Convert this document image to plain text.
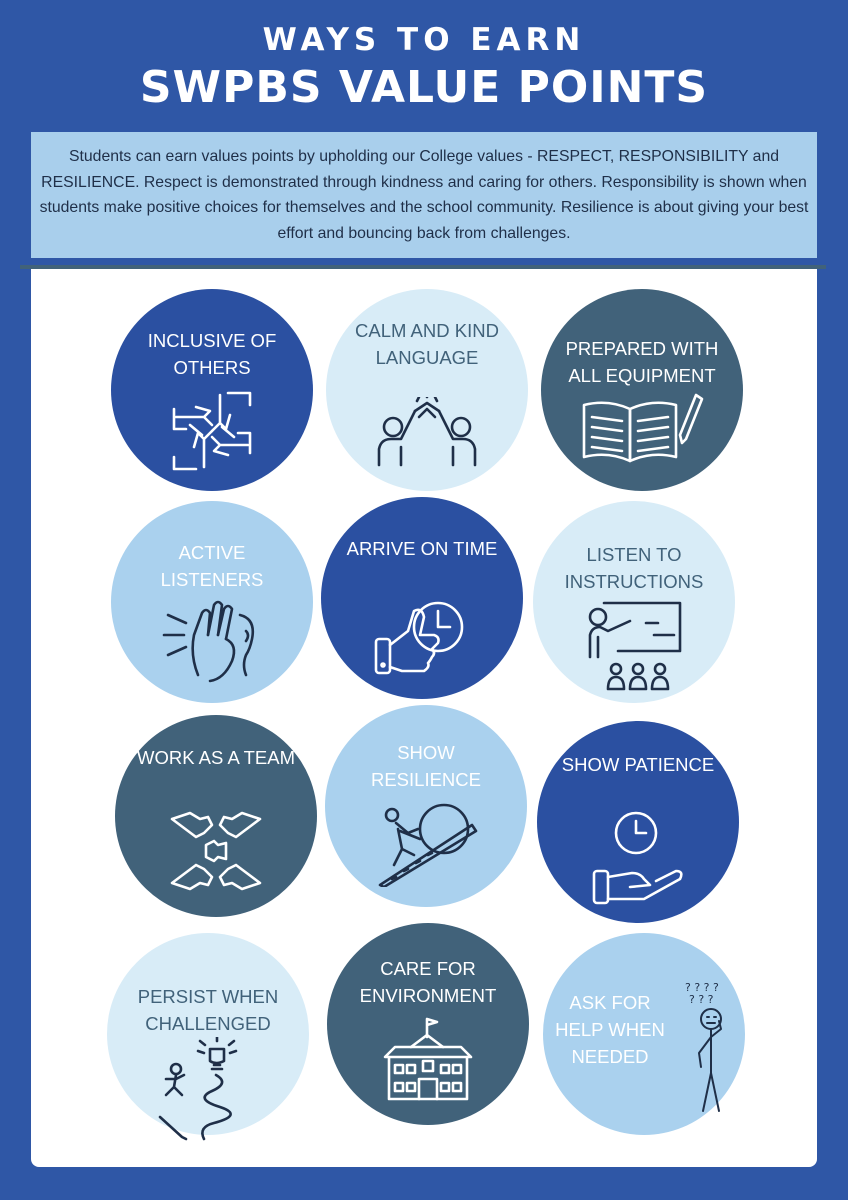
WAYS TO EARN
SWPBS VALUE POINTS
Students can earn values points by upholding our College values - RESPECT, RESPONSIBILITY and RESILIENCE. Respect is demonstrated through kindness and caring for others. Responsibility is shown when students make positive choices for themselves and the school community. Resilience is about giving your best effort and bouncing back from challenges.
INCLUSIVE OF OTHERS
CALM AND KIND LANGUAGE	PREPARED WITH ALL EQUIPMENT
ACTIVE LISTENERS
ARRIVE ON TIME	LISTEN TO INSTRUCTIONS
WORK AS A TEAM	SHOW RESILIENCE
SHOW PATIENCE
PERSIST WHEN CHALLENGED
CARE FOR ENVIRONMENT	ASK FOR HELP WHEN NEEDED
? ? ? ?
? ? ?
